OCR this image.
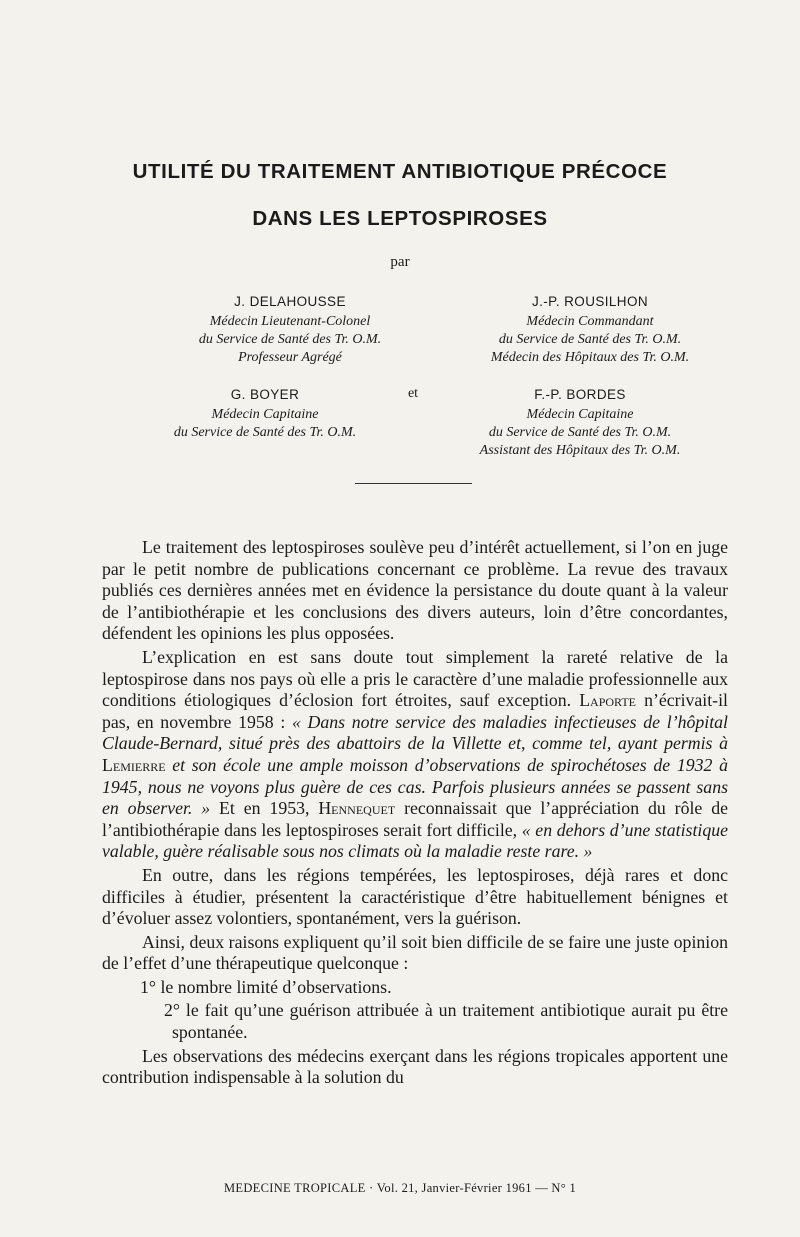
UTILITÉ DU TRAITEMENT ANTIBIOTIQUE PRÉCOCE
DANS LES LEPTOSPIROSES
par
J. DELAHOUSSE
Médecin Lieutenant-Colonel
du Service de Santé des Tr. O.M.
Professeur Agrégé
J.-P. ROUSILHON
Médecin Commandant
du Service de Santé des Tr. O.M.
Médecin des Hôpitaux des Tr. O.M.
et
G. BOYER
Médecin Capitaine
du Service de Santé des Tr. O.M.
F.-P. BORDES
Médecin Capitaine
du Service de Santé des Tr. O.M.
Assistant des Hôpitaux des Tr. O.M.

Le traitement des leptospiroses soulève peu d’intérêt actuellement, si l’on en juge par le petit nombre de publications concernant ce problème. La revue des travaux publiés ces dernières années met en évidence la persistance du doute quant à la valeur de l’antibiothérapie et les conclusions des divers auteurs, loin d’être concordantes, défendent les opinions les plus opposées.

L’explication en est sans doute tout simplement la rareté relative de la leptospirose dans nos pays où elle a pris le caractère d’une maladie professionnelle aux conditions étiologiques d’éclosion fort étroites, sauf exception. Laporte n’écrivait-il pas, en novembre 1958 : « Dans notre service des maladies infectieuses de l’hôpital Claude-Bernard, situé près des abattoirs de la Villette et, comme tel, ayant permis à Lemierre et son école une ample moisson d’observations de spirochétoses de 1932 à 1945, nous ne voyons plus guère de ces cas. Parfois plusieurs années se passent sans en observer. » Et en 1953, Hennequet reconnaissait que l’appréciation du rôle de l’antibiothérapie dans les leptospiroses serait fort difficile, « en dehors d’une statistique valable, guère réalisable sous nos climats où la maladie reste rare. »

En outre, dans les régions tempérées, les leptospiroses, déjà rares et donc difficiles à étudier, présentent la caractéristique d’être habituellement bénignes et d’évoluer assez volontiers, spontanément, vers la guérison.

Ainsi, deux raisons expliquent qu’il soit bien difficile de se faire une juste opinion de l’effet d’une thérapeutique quelconque :

1° le nombre limité d’observations.

2° le fait qu’une guérison attribuée à un traitement antibiotique aurait pu être spontanée.

Les observations des médecins exerçant dans les régions tropicales apportent une contribution indispensable à la solution du

MEDECINE TROPICALE · Vol. 21, Janvier-Février 1961 — N° 1
